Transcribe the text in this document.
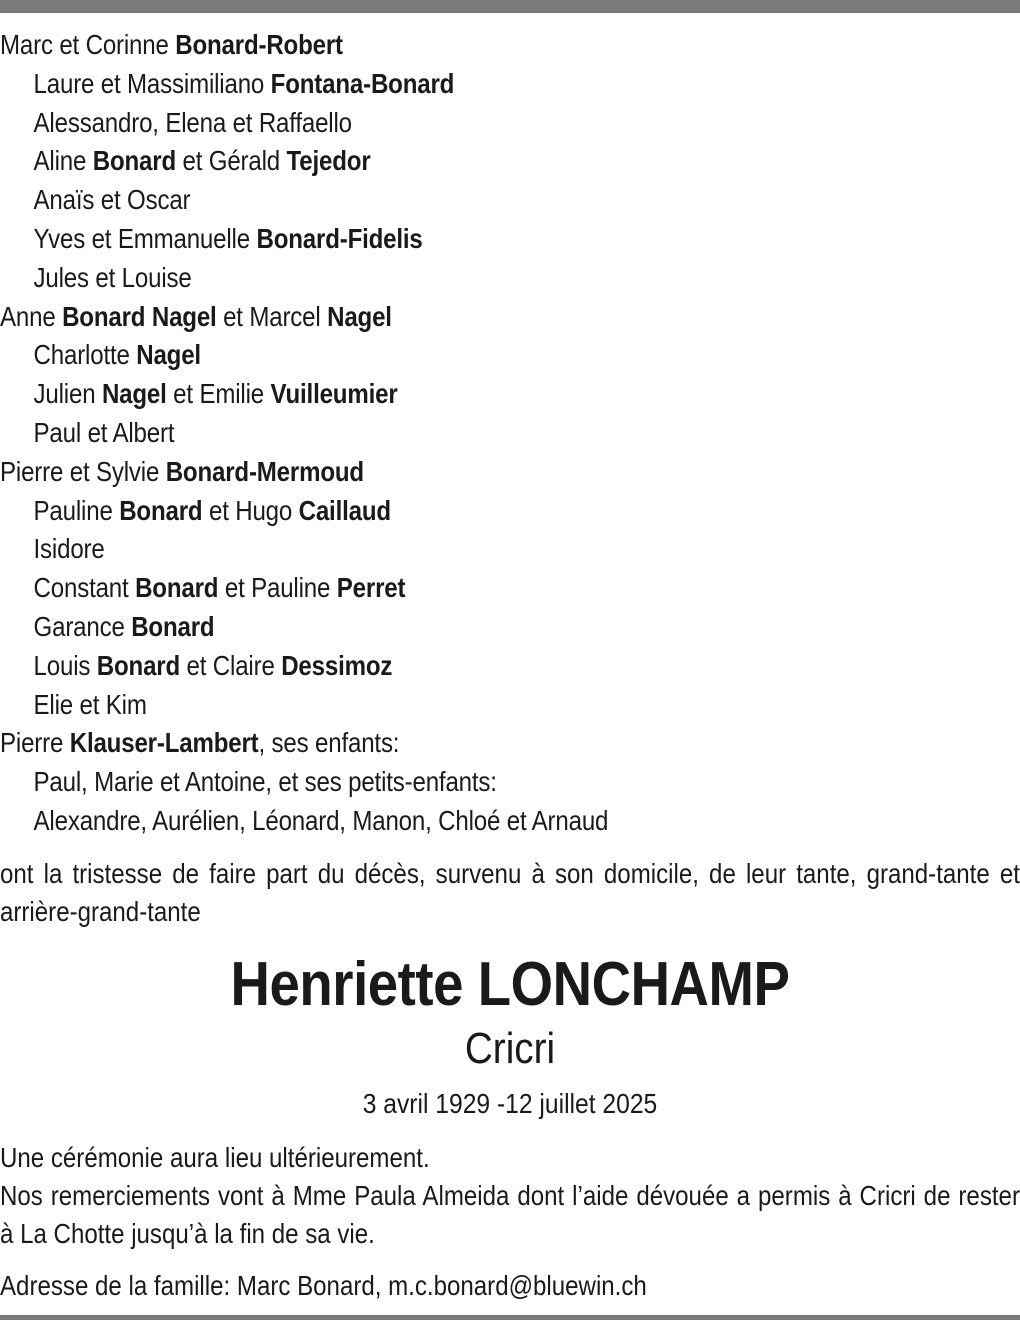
Marc et Corinne Bonard-Robert
Laure et Massimiliano Fontana-Bonard
Alessandro, Elena et Raffaello
Aline Bonard et Gérald Tejedor
Anaïs et Oscar
Yves et Emmanuelle Bonard-Fidelis
Jules et Louise
Anne Bonard Nagel et Marcel Nagel
Charlotte Nagel
Julien Nagel et Emilie Vuilleumier
Paul et Albert
Pierre et Sylvie Bonard-Mermoud
Pauline Bonard et Hugo Caillaud
Isidore
Constant Bonard et Pauline Perret
Garance Bonard
Louis Bonard et Claire Dessimoz
Elie et Kim
Pierre Klauser-Lambert, ses enfants:
Paul, Marie et Antoine, et ses petits-enfants:
Alexandre, Aurélien, Léonard, Manon, Chloé et Arnaud
ont la tristesse de faire part du décès, survenu à son domicile, de leur tante, grand-tante et arrière-grand-tante
Henriette LONCHAMP
Cricri
3 avril 1929 -12 juillet 2025
Une cérémonie aura lieu ultérieurement.
Nos remerciements vont à Mme Paula Almeida dont l’aide dévouée a permis à Cricri de rester à La Chotte jusqu’à la fin de sa vie.
Adresse de la famille: Marc Bonard, m.c.bonard@bluewin.ch
